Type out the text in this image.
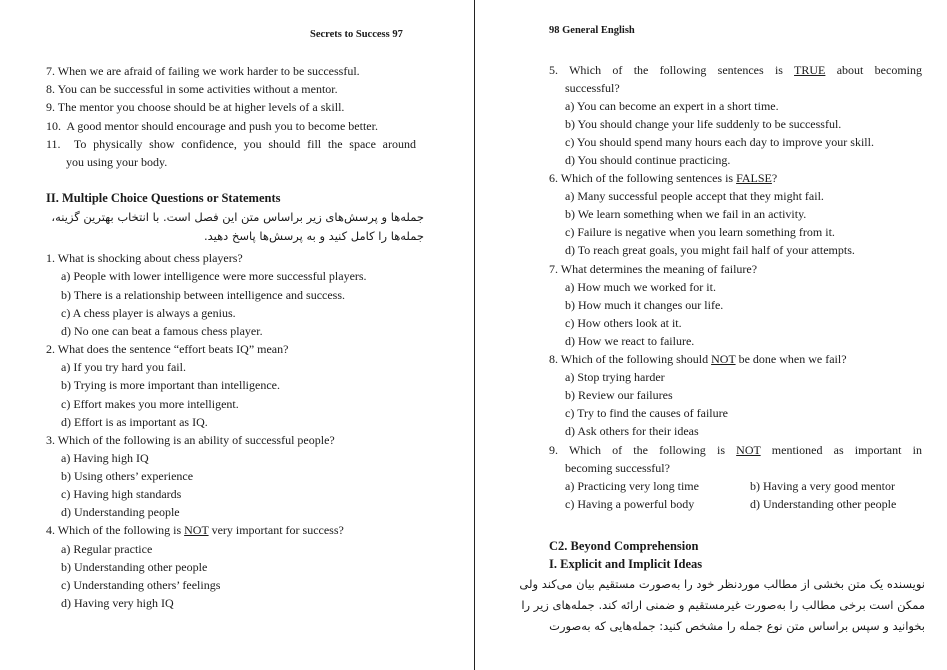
Secrets to Success 97
7. When we are afraid of failing we work harder to be successful.
8. You can be successful in some activities without a mentor.
9. The mentor you choose should be at higher levels of a skill.
10. A good mentor should encourage and push you to become better.
11. To physically show confidence, you should fill the space around
you using your body.
II. Multiple Choice Questions or Statements
جمله‌ها و پرسش‌های زیر براساس متن این فصل است. با انتخاب بهترین گزینه،
جمله‌ها را کامل کنید و به پرسش‌ها پاسخ دهید.
1. What is shocking about chess players?
a) People with lower intelligence were more successful players.
b) There is a relationship between intelligence and success.
c) A chess player is always a genius.
d) No one can beat a famous chess player.
2. What does the sentence “effort beats IQ” mean?
a) If you try hard you fail.
b) Trying is more important than intelligence.
c) Effort makes you more intelligent.
d) Effort is as important as IQ.
3. Which of the following is an ability of successful people?
a) Having high IQ
b) Using others’ experience
c) Having high standards
d) Understanding people
4. Which of the following is NOT very important for success?
a) Regular practice
b) Understanding other people
c) Understanding others’ feelings
d) Having very high IQ
98 General English
5. Which of the following sentences is TRUE about becoming
successful?
a) You can become an expert in a short time.
b) You should change your life suddenly to be successful.
c) You should spend many hours each day to improve your skill.
d) You should continue practicing.
6. Which of the following sentences is FALSE?
a) Many successful people accept that they might fail.
b) We learn something when we fail in an activity.
c) Failure is negative when you learn something from it.
d) To reach great goals, you might fail half of your attempts.
7. What determines the meaning of failure?
a) How much we worked for it.
b) How much it changes our life.
c) How others look at it.
d) How we react to failure.
8. Which of the following should NOT be done when we fail?
a) Stop trying harder
b) Review our failures
c) Try to find the causes of failure
d) Ask others for their ideas
9. Which of the following is NOT mentioned as important in
becoming successful?
a) Practicing very long time	b) Having a very good mentor
c) Having a powerful body	d) Understanding other people
C2. Beyond Comprehension
I. Explicit and Implicit Ideas
نویسنده یک متن بخشی از مطالب موردنظر خود را به‌صورت مستقیم بیان می‌کند ولی
ممکن است برخی مطالب را به‌صورت غیرمستقیم و ضمنی ارائه کند. جمله‌های زیر را
بخوانید و سپس براساس متن نوع جمله را مشخص کنید: جمله‌هایی که به‌صورت
